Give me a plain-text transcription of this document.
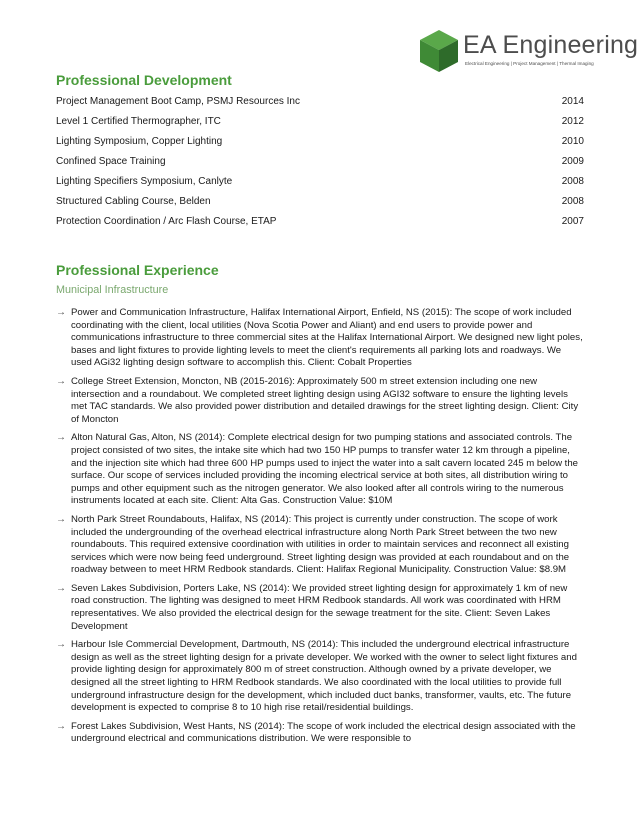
EA Engineering
Electrical Engineering | Project Management | Thermal Imaging
Professional Development
Project Management Boot Camp, PSMJ Resources Inc	2014
Level 1 Certified Thermographer, ITC	2012
Lighting Symposium, Copper Lighting	2010
Confined Space Training	2009
Lighting Specifiers Symposium, Canlyte	2008
Structured Cabling Course, Belden	2008
Protection Coordination / Arc Flash Course, ETAP	2007
Professional Experience
Municipal Infrastructure
→ Power and Communication Infrastructure, Halifax International Airport, Enfield, NS (2015): The scope of work included coordinating with the client, local utilities (Nova Scotia Power and Aliant) and end users to provide power and communications infrastructure to three commercial sites at the Halifax International Airport. We designed new light poles, bases and light fixtures to provide lighting levels to meet the client's requirements all parking lots and roadways. We used AGi32 lighting design software to accomplish this. Client: Cobalt Properties
→ College Street Extension, Moncton, NB (2015-2016): Approximately 500 m street extension including one new intersection and a roundabout. We completed street lighting design using AGI32 software to ensure the lighting levels met TAC standards. We also provided power distribution and detailed drawings for the street lighting design. Client: City of Moncton
→ Alton Natural Gas, Alton, NS (2014): Complete electrical design for two pumping stations and associated controls. The project consisted of two sites, the intake site which had two 150 HP pumps to transfer water 12 km through a pipeline, and the injection site which had three 600 HP pumps used to inject the water into a salt cavern located 245 m below the surface. Our scope of services included providing the incoming electrical service at both sites, all distribution wiring to pumps and other equipment such as the nitrogen generator. We also looked after all controls wiring to the numerous instruments located at each site. Client: Alta Gas. Construction Value: $10M
→ North Park Street Roundabouts, Halifax, NS (2014): This project is currently under construction. The scope of work included the undergrounding of the overhead electrical infrastructure along North Park Street between the two new roundabouts. This required extensive coordination with utilities in order to maintain services and reconnect all existing services which were now being feed underground. Street lighting design was provided at each roundabout and on the roadway between to meet HRM Redbook standards. Client: Halifax Regional Municipality. Construction Value: $8.9M
→ Seven Lakes Subdivision, Porters Lake, NS (2014): We provided street lighting design for approximately 1 km of new road construction. The lighting was designed to meet HRM Redbook standards. All work was coordinated with HRM representatives. We also provided the electrical design for the sewage treatment for the site. Client: Seven Lakes Development
→ Harbour Isle Commercial Development, Dartmouth, NS (2014): This included the underground electrical infrastructure design as well as the street lighting design for a private developer. We worked with the owner to select light fixtures and provide lighting design for approximately 800 m of street construction. Although owned by a private developer, we designed all the street lighting to HRM Redbook standards. We also coordinated with the local utilities to provide full underground infrastructure design for the development, which included duct banks, transformer, vaults, etc. The future development is expected to comprise 8 to 10 high rise retail/residential buildings.
→ Forest Lakes Subdivision, West Hants, NS (2014): The scope of work included the electrical design associated with the underground electrical and communications distribution. We were responsible to
